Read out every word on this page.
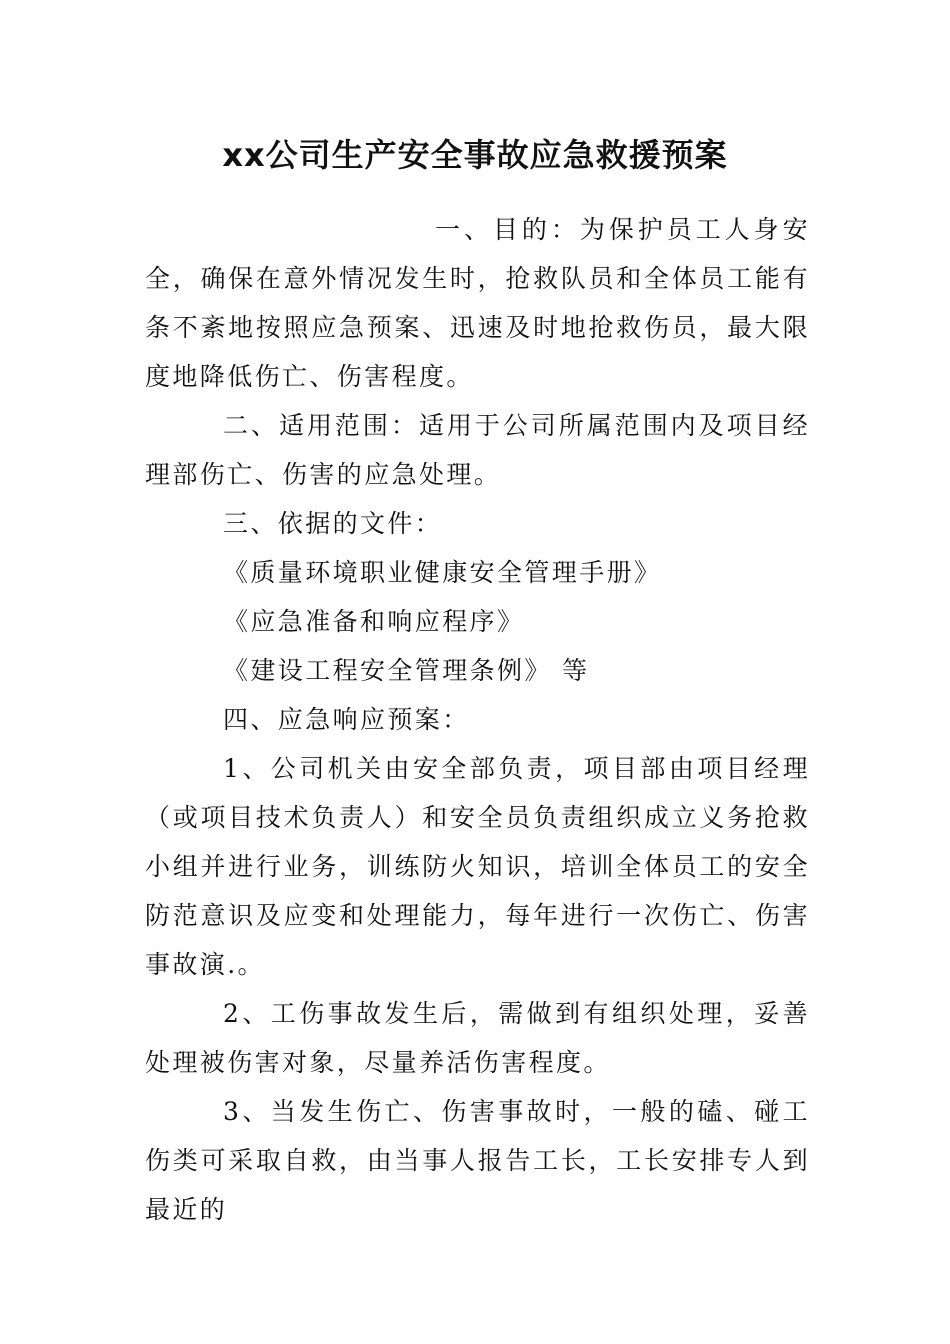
xx公司生产安全事故应急救援预案

一、目的：为保护员工人身安全，确保在意外情况发生时，抢救队员和全体员工能有条不紊地按照应急预案、迅速及时地抢救伤员，最大限度地降低伤亡、伤害程度。

二、适用范围：适用于公司所属范围内及项目经理部伤亡、伤害的应急处理。

三、依据的文件：

《质量环境职业健康安全管理手册》

《应急准备和响应程序》

《建设工程安全管理条例》 等

四、应急响应预案：

1、公司机关由安全部负责，项目部由项目经理（或项目技术负责人）和安全员负责组织成立义务抢救小组并进行业务，训练防火知识，培训全体员工的安全防范意识及应变和处理能力，每年进行一次伤亡、伤害事故演.。

2、工伤事故发生后，需做到有组织处理，妥善处理被伤害对象，尽量养活伤害程度。

3、当发生伤亡、伤害事故时，一般的磕、碰工伤类可采取自救，由当事人报告工长，工长安排专人到最近的
